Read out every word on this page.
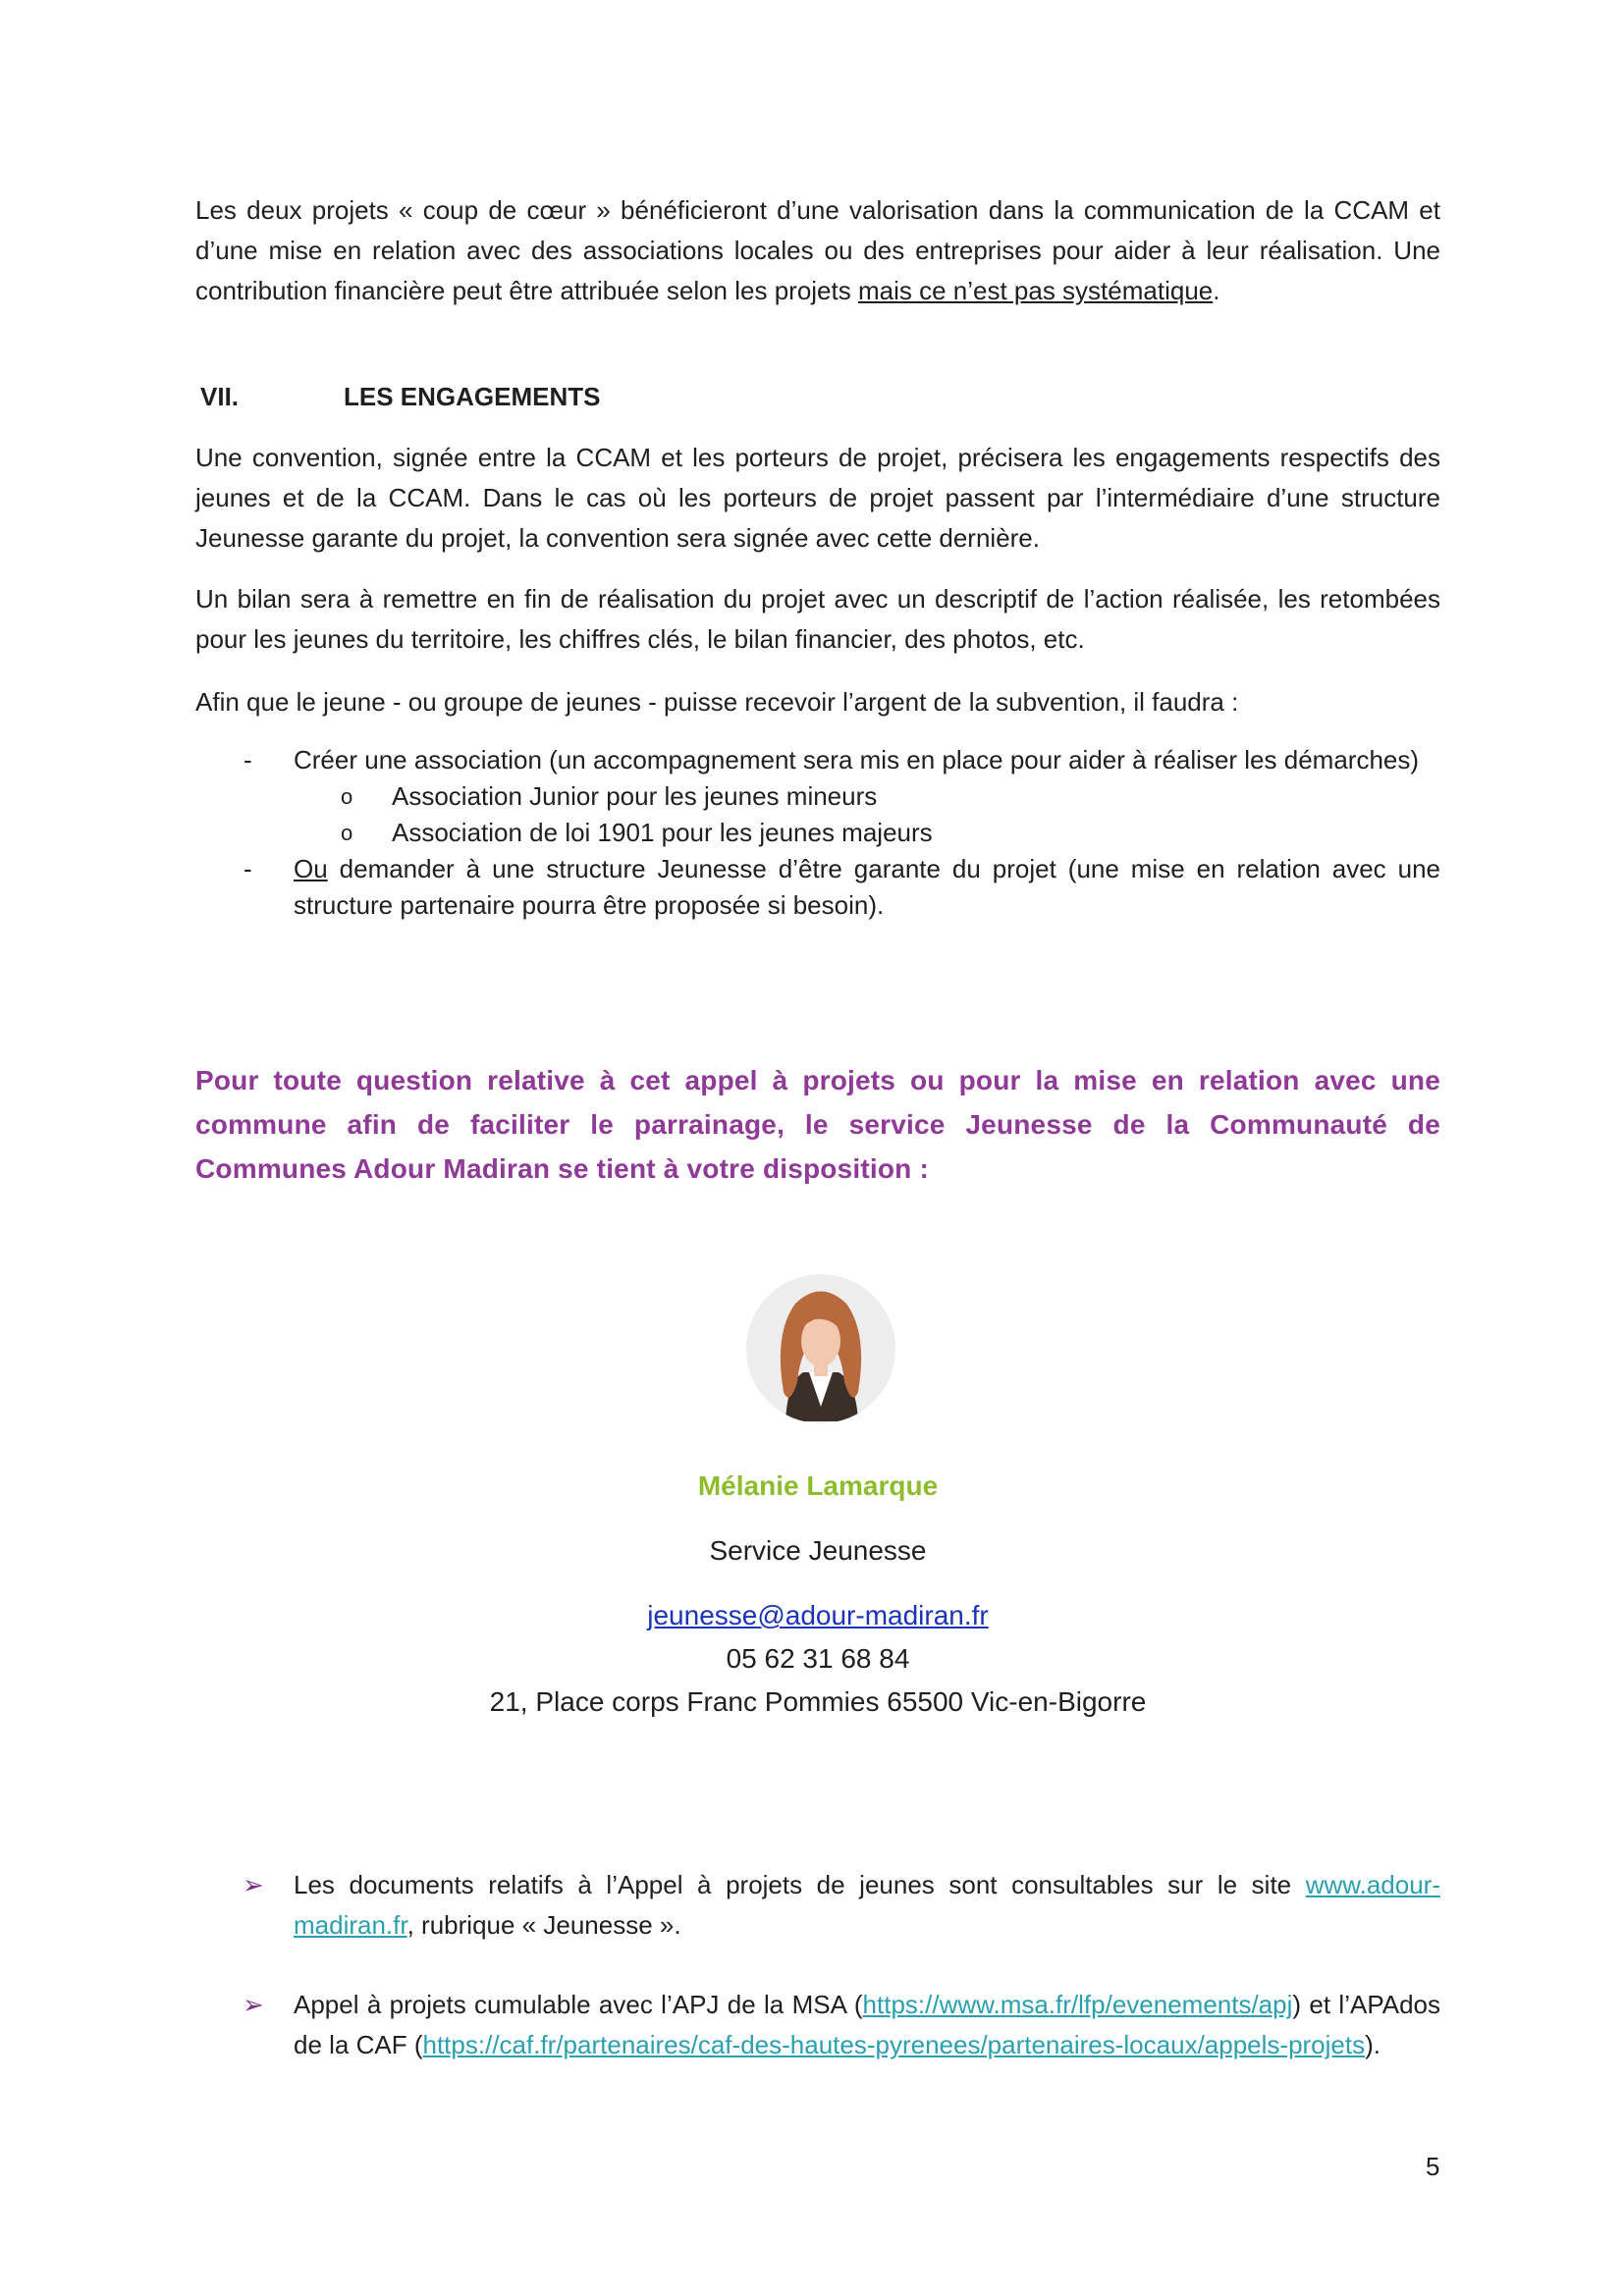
Les deux projets « coup de cœur » bénéficieront d’une valorisation dans la communication de la CCAM et d’une mise en relation avec des associations locales ou des entreprises pour aider à leur réalisation. Une contribution financière peut être attribuée selon les projets mais ce n’est pas systématique.

VII.	LES ENGAGEMENTS

Une convention, signée entre la CCAM et les porteurs de projet, précisera les engagements respectifs des jeunes et de la CCAM. Dans le cas où les porteurs de projet passent par l’intermédiaire d’une structure Jeunesse garante du projet, la convention sera signée avec cette dernière.

Un bilan sera à remettre en fin de réalisation du projet avec un descriptif de l’action réalisée, les retombées pour les jeunes du territoire, les chiffres clés, le bilan financier, des photos, etc.

Afin que le jeune - ou groupe de jeunes - puisse recevoir l’argent de la subvention, il faudra :

- Créer une association (un accompagnement sera mis en place pour aider à réaliser les démarches)
o Association Junior pour les jeunes mineurs
o Association de loi 1901 pour les jeunes majeurs
- Ou demander à une structure Jeunesse d’être garante du projet (une mise en relation avec une structure partenaire pourra être proposée si besoin).

Pour toute question relative à cet appel à projets ou pour la mise en relation avec une commune afin de faciliter le parrainage, le service Jeunesse de la Communauté de Communes Adour Madiran se tient à votre disposition :

Mélanie Lamarque
Service Jeunesse
jeunesse@adour-madiran.fr
05 62 31 68 84
21, Place corps Franc Pommies 65500 Vic-en-Bigorre
➢ Les documents relatifs à l’Appel à projets de jeunes sont consultables sur le site www.adour-madiran.fr, rubrique « Jeunesse ».
➢ Appel à projets cumulable avec l’APJ de la MSA (https://www.msa.fr/lfp/evenements/apj) et l’APAdos de la CAF (https://caf.fr/partenaires/caf-des-hautes-pyrenees/partenaires-locaux/appels-projets).
5
